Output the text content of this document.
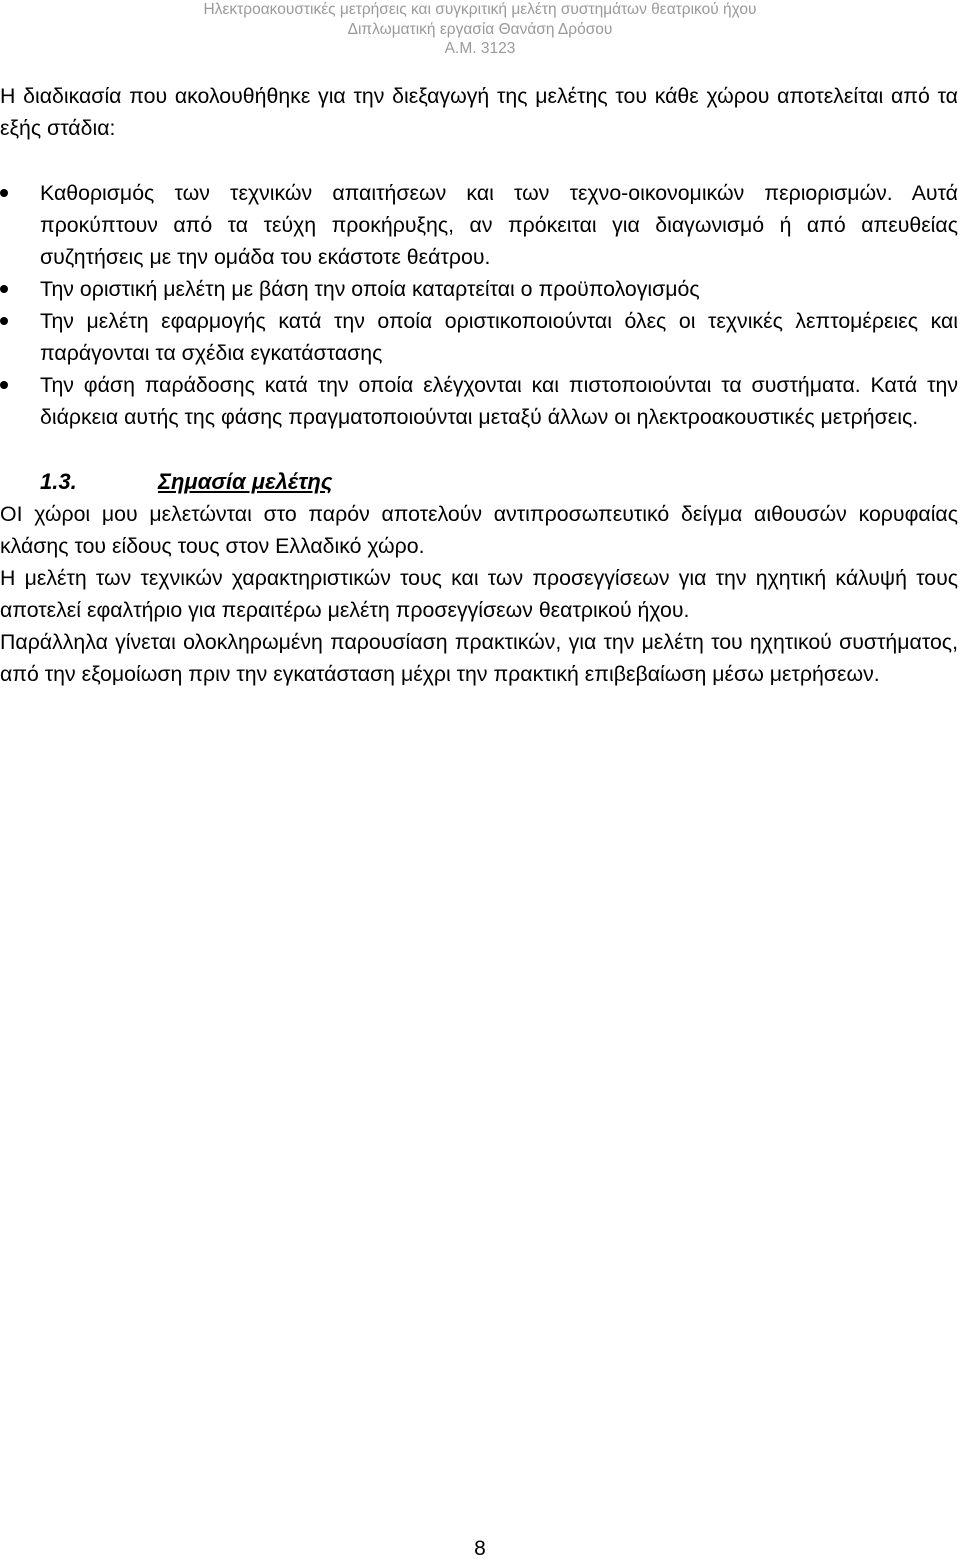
Ηλεκτροακουστικές μετρήσεις και συγκριτική μελέτη συστημάτων θεατρικού ήχου
Διπλωματική εργασία Θανάση Δρόσου
Α.Μ. 3123

Η διαδικασία που ακολουθήθηκε για την διεξαγωγή της μελέτης του κάθε χώρου αποτελείται από τα εξής στάδια:

Καθορισμός των τεχνικών απαιτήσεων και των τεχνο-οικονομικών περιορισμών. Αυτά προκύπτουν από τα τεύχη προκήρυξης, αν πρόκειται για διαγωνισμό ή από απευθείας συζητήσεις με την ομάδα του εκάστοτε θεάτρου.
Την οριστική μελέτη με βάση την οποία καταρτείται ο προϋπολογισμός
Την μελέτη εφαρμογής κατά την οποία οριστικοποιούνται όλες οι τεχνικές λεπτομέρειες και παράγονται τα σχέδια εγκατάστασης
Την φάση παράδοσης κατά την οποία ελέγχονται και πιστοποιούνται τα συστήματα. Κατά την διάρκεια αυτής της φάσης πραγματοποιούνται μεταξύ άλλων οι ηλεκτροακουστικές μετρήσεις.
1.3.	Σημασία μελέτης

ΟΙ χώροι μου μελετώνται στο παρόν αποτελούν αντιπροσωπευτικό δείγμα αιθουσών κορυφαίας κλάσης του είδους τους στον Ελλαδικό χώρο.

Η μελέτη των τεχνικών χαρακτηριστικών τους και των προσεγγίσεων για την ηχητική κάλυψή τους αποτελεί εφαλτήριο για περαιτέρω μελέτη προσεγγίσεων θεατρικού ήχου.

Παράλληλα γίνεται ολοκληρωμένη παρουσίαση πρακτικών, για την μελέτη του ηχητικού συστήματος, από την εξομοίωση πριν την εγκατάσταση μέχρι την πρακτική επιβεβαίωση μέσω μετρήσεων.

8
